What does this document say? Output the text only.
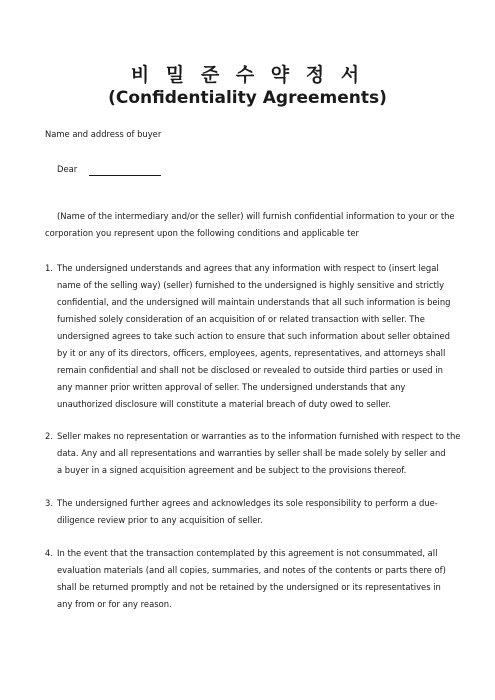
비 밀 준 수 약 정 서
(Confidentiality Agreements)
Name and address of buyer
Dear
(Name of the intermediary and/or the seller) will furnish confidential information to your or the
corporation you represent upon the following conditions and applicable ter
1. The undersigned understands and agrees that any information with respect to (insert legal
name of the selling way) (seller) furnished to the undersigned is highly sensitive and strictly
confidential, and the undersigned will maintain understands that all such information is being
furnished solely consideration of an acquisition of or related transaction with seller. The
undersigned agrees to take such action to ensure that such information about seller obtained
by it or any of its directors, officers, employees, agents, representatives, and attorneys shall
remain confidential and shall not be disclosed or revealed to outside third parties or used in
any manner prior written approval of seller. The undersigned understands that any
unauthorized disclosure will constitute a material breach of duty owed to seller.
2. Seller makes no representation or warranties as to the information furnished with respect to the
data. Any and all representations and warranties by seller shall be made solely by seller and
a buyer in a signed acquisition agreement and be subject to the provisions thereof.
3. The undersigned further agrees and acknowledges its sole responsibility to perform a due-
diligence review prior to any acquisition of seller.
4. In the event that the transaction contemplated by this agreement is not consummated, all
evaluation materials (and all copies, summaries, and notes of the contents or parts there of)
shall be returned promptly and not be retained by the undersigned or its representatives in
any from or for any reason.
